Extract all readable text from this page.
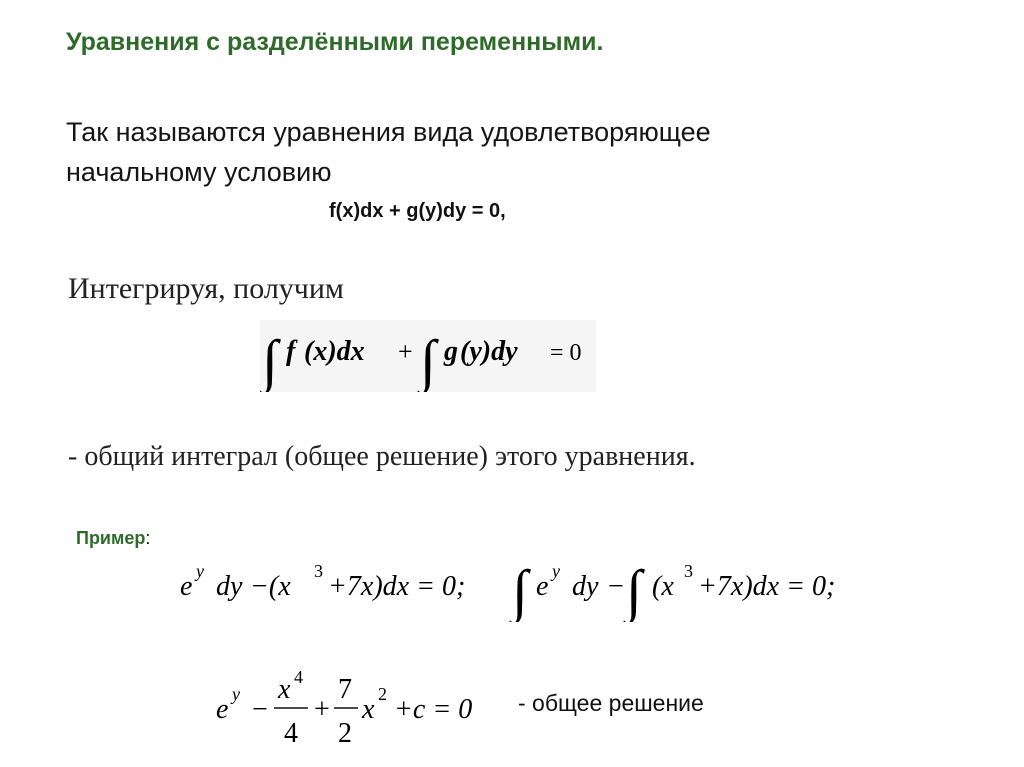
Уравнения с разделёнными переменными.
Так называются уравнения вида удовлетворяющее
начальному условию
f(x)dx + g(y)dy = 0,
Интегрируя, получим
∫ f (x)dx + ∫ g (y)dy = 0
- общий интеграл (общее решение) этого уравнения.
Пример:
e y dy −(x 3 +7x)dx = 0; ∫ e y dy − ∫ (x 3 +7x)dx = 0;
e y −
x 4
4
+
7
2
x 2 +c = 0 - общее решение
